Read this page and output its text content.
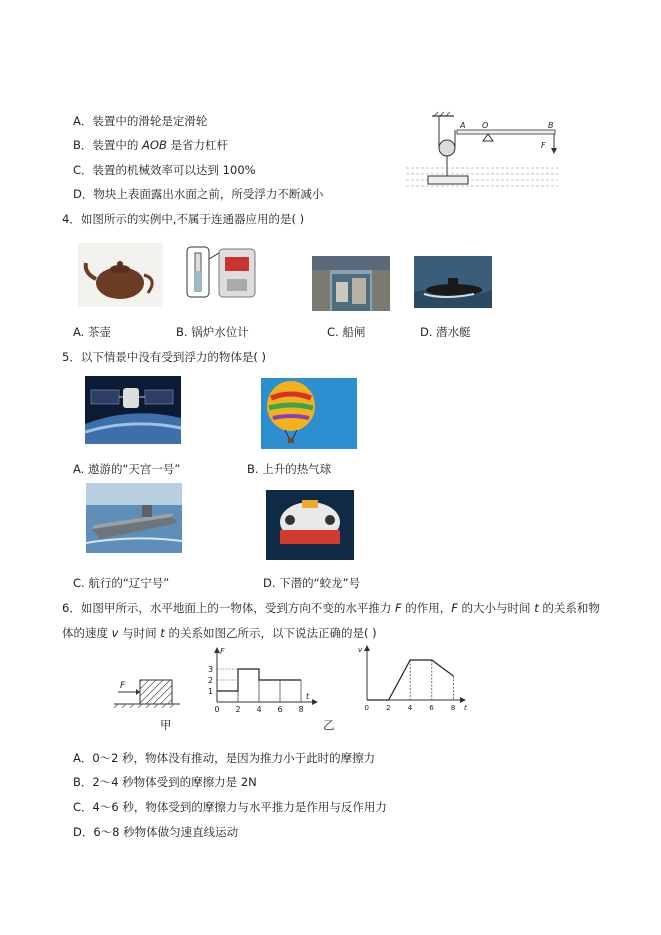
A．装置中的滑轮是定滑轮
B．装置中的 AOB 是省力杠杆
C．装置的机械效率可以达到 100%
D．物块上表面露出水面之前，所受浮力不断减小
A O	B
F
4．如图所示的实例中,不属于连通器应用的是( )
A. 茶壶	B. 锅炉水位计	C. 船闸	D. 潜水艇
5．以下情景中没有受到浮力的物体是( )
A. 遨游的“天宫一号”	B. 上升的热气球
C. 航行的“辽宁号”	D. 下潜的“蛟龙”号
6．如图甲所示，水平地面上的一物体，受到方向不变的水平推力 F 的作用，F 的大小与时间 t 的关系和物
体的速度 v 与时间 t 的关系如图乙所示，以下说法正确的是( )
F
甲
F
t
0 2 4 6 8
1
2
3
乙
v
t
0 2 4 6 8
A．0～2 秒，物体没有推动，是因为推力小于此时的摩擦力
B．2～4 秒物体受到的摩擦力是 2N
C．4～6 秒，物体受到的摩擦力与水平推力是作用与反作用力
D．6～8 秒物体做匀速直线运动
